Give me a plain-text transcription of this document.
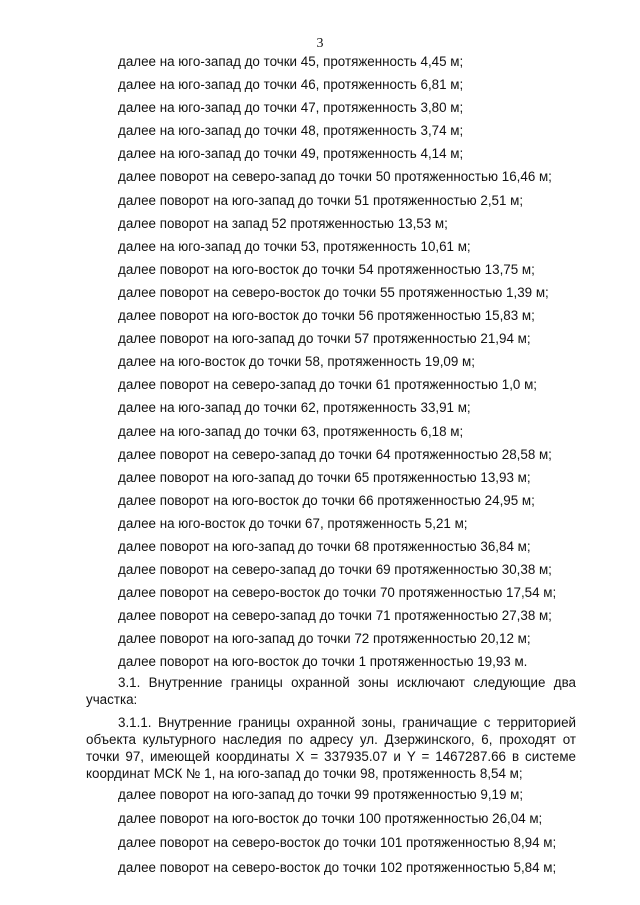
3
далее на юго-запад до точки 45, протяженность 4,45 м;
далее на юго-запад до точки 46, протяженность 6,81 м;
далее на юго-запад до точки 47, протяженность 3,80 м;
далее на юго-запад до точки 48, протяженность 3,74 м;
далее на юго-запад до точки 49, протяженность 4,14 м;
далее поворот на северо-запад до точки 50 протяженностью 16,46 м;
далее поворот на юго-запад до точки 51 протяженностью 2,51 м;
далее поворот на запад 52 протяженностью 13,53 м;
далее на юго-запад до точки 53, протяженность 10,61 м;
далее поворот на юго-восток до точки 54 протяженностью 13,75 м;
далее поворот на северо-восток до точки 55 протяженностью 1,39 м;
далее поворот на юго-восток до точки 56 протяженностью 15,83 м;
далее поворот на юго-запад до точки 57 протяженностью 21,94 м;
далее на юго-восток до точки 58, протяженность 19,09 м;
далее поворот на северо-запад до точки 61 протяженностью 1,0 м;
далее на юго-запад до точки 62, протяженность 33,91 м;
далее на юго-запад до точки 63, протяженность 6,18 м;
далее поворот на северо-запад до точки 64 протяженностью 28,58 м;
далее поворот на юго-запад до точки 65 протяженностью 13,93 м;
далее поворот на юго-восток до точки 66 протяженностью 24,95 м;
далее на юго-восток до точки 67, протяженность 5,21 м;
далее поворот на юго-запад до точки 68 протяженностью 36,84 м;
далее поворот на северо-запад до точки 69 протяженностью 30,38 м;
далее поворот на северо-восток до точки 70 протяженностью 17,54 м;
далее поворот на северо-запад до точки 71 протяженностью 27,38 м;
далее поворот на юго-запад до точки 72 протяженностью 20,12 м;
далее поворот на юго-восток до точки 1 протяженностью 19,93 м.

3.1. Внутренние границы охранной зоны исключают следующие два участка:

3.1.1. Внутренние границы охранной зоны, граничащие с территорией объекта культурного наследия по адресу ул. Дзержинского, 6, проходят от точки 97, имеющей координаты Х = 337935.07 и Y = 1467287.66 в системе координат МСК № 1, на юго-запад до точки 98, протяженность 8,54 м;

далее поворот на юго-запад до точки 99 протяженностью 9,19 м;
далее поворот на юго-восток до точки 100 протяженностью 26,04 м;
далее поворот на северо-восток до точки 101 протяженностью 8,94 м;
далее поворот на северо-восток до точки 102 протяженностью 5,84 м;
